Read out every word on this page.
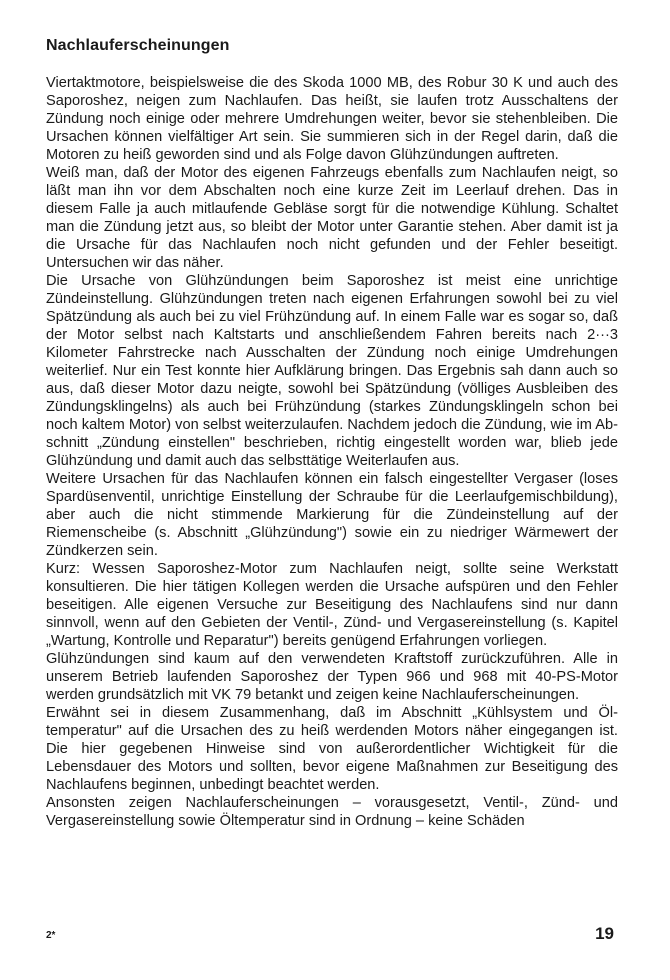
Nachlauferscheinungen

Viertaktmotore, beispielsweise die des Skoda 1000 MB, des Robur 30 K und auch des Saporoshez, neigen zum Nachlaufen. Das heißt, sie laufen trotz Ausschaltens der Zündung noch einige oder mehrere Umdrehungen weiter, bevor sie stehenbleiben. Die Ursachen können vielfältiger Art sein. Sie summieren sich in der Regel darin, daß die Motoren zu heiß geworden sind und als Folge davon Glühzündungen auftreten.

Weiß man, daß der Motor des eigenen Fahrzeugs ebenfalls zum Nachlaufen neigt, so läßt man ihn vor dem Abschalten noch eine kurze Zeit im Leerlauf drehen. Das in diesem Falle ja auch mitlaufende Gebläse sorgt für die notwendige Kühlung. Schaltet man die Zündung jetzt aus, so bleibt der Motor unter Garantie stehen. Aber damit ist ja die Ursache für das Nachlaufen noch nicht gefunden und der Fehler beseitigt. Untersuchen wir das näher.

Die Ursache von Glühzündungen beim Saporoshez ist meist eine unrichtige Zündeinstellung. Glühzündungen treten nach eigenen Erfahrungen sowohl bei zu viel Spätzündung als auch bei zu viel Frühzündung auf. In einem Falle war es sogar so, daß der Motor selbst nach Kaltstarts und anschließendem Fahren bereits nach 2···3 Kilometer Fahrstrecke nach Ausschalten der Zündung noch einige Umdrehungen weiterlief. Nur ein Test konnte hier Aufklärung bringen. Das Ergebnis sah dann auch so aus, daß dieser Motor dazu neigte, sowohl bei Spätzündung (völliges Ausbleiben des Zündungsklingelns) als auch bei Frühzündung (starkes Zündungsklingeln schon bei noch kaltem Motor) von selbst weiterzulaufen. Nachdem jedoch die Zündung, wie im Abschnitt „Zündung einstellen" beschrieben, richtig eingestellt worden war, blieb jede Glühzündung und damit auch das selbsttätige Weiterlaufen aus.

Weitere Ursachen für das Nachlaufen können ein falsch eingestellter Vergaser (loses Spardüsenventil, unrichtige Einstellung der Schraube für die Leerlaufgemischbildung), aber auch die nicht stimmende Markierung für die Zündeinstellung auf der Riemenscheibe (s. Abschnitt „Glühzündung") sowie ein zu niedriger Wärmewert der Zündkerzen sein.

Kurz: Wessen Saporoshez-Motor zum Nachlaufen neigt, sollte seine Werkstatt konsultieren. Die hier tätigen Kollegen werden die Ursache aufspüren und den Fehler beseitigen. Alle eigenen Versuche zur Beseitigung des Nachlaufens sind nur dann sinnvoll, wenn auf den Gebieten der Ventil-, Zünd- und Vergasereinstellung (s. Kapitel „Wartung, Kontrolle und Reparatur") bereits genügend Erfahrungen vorliegen.

Glühzündungen sind kaum auf den verwendeten Kraftstoff zurückzuführen. Alle in unserem Betrieb laufenden Saporoshez der Typen 966 und 968 mit 40-PS-Motor werden grundsätzlich mit VK 79 betankt und zeigen keine Nachlauferscheinungen.

Erwähnt sei in diesem Zusammenhang, daß im Abschnitt „Kühlsystem und Öltemperatur" auf die Ursachen des zu heiß werdenden Motors näher eingegangen ist. Die hier gegebenen Hinweise sind von außerordentlicher Wichtigkeit für die Lebensdauer des Motors und sollten, bevor eigene Maßnahmen zur Beseitigung des Nachlaufens beginnen, unbedingt beachtet werden.

Ansonsten zeigen Nachlauferscheinungen – vorausgesetzt, Ventil-, Zünd- und Vergasereinstellung sowie Öltemperatur sind in Ordnung – keine Schäden

2*	19
